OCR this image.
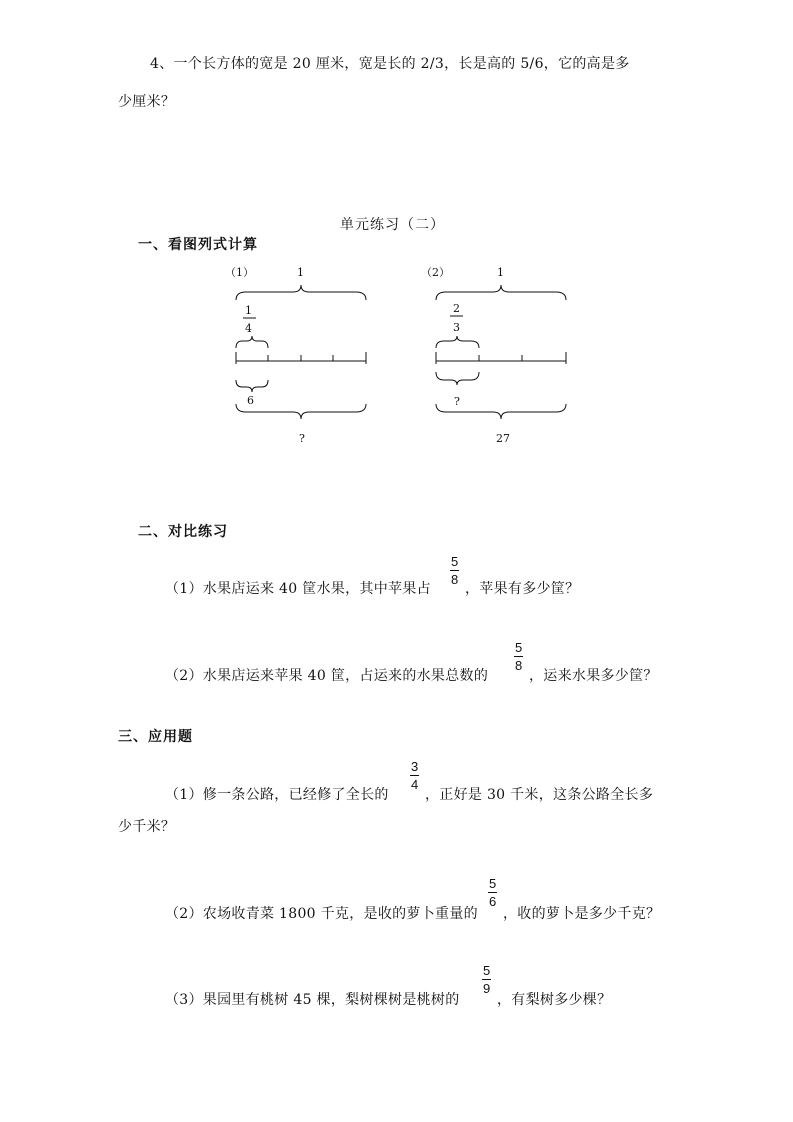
4、一个长方体的宽是 20 厘米，宽是长的 2/3，长是高的 5/6，它的高是多
少厘米？
单元练习（二）
一、看图列式计算
（1）	1
1
4
6
?
（2）	1
2
3
?
27
二、对比练习
（1）水果店运来 40 筐水果，其中苹果占
5
8
，苹果有多少筐？
（2）水果店运来苹果 40 筐，占运来的水果总数的
5
8
，运来水果多少筐？
三、应用题
（1）修一条公路，已经修了全长的
3
4
，正好是 30 千米，这条公路全长多
少千米？
（2）农场收青菜 1800 千克，是收的萝卜重量的
5
6
，收的萝卜是多少千克？
（3）果园里有桃树 45 棵，梨树棵树是桃树的
5
9
，有梨树多少棵？
